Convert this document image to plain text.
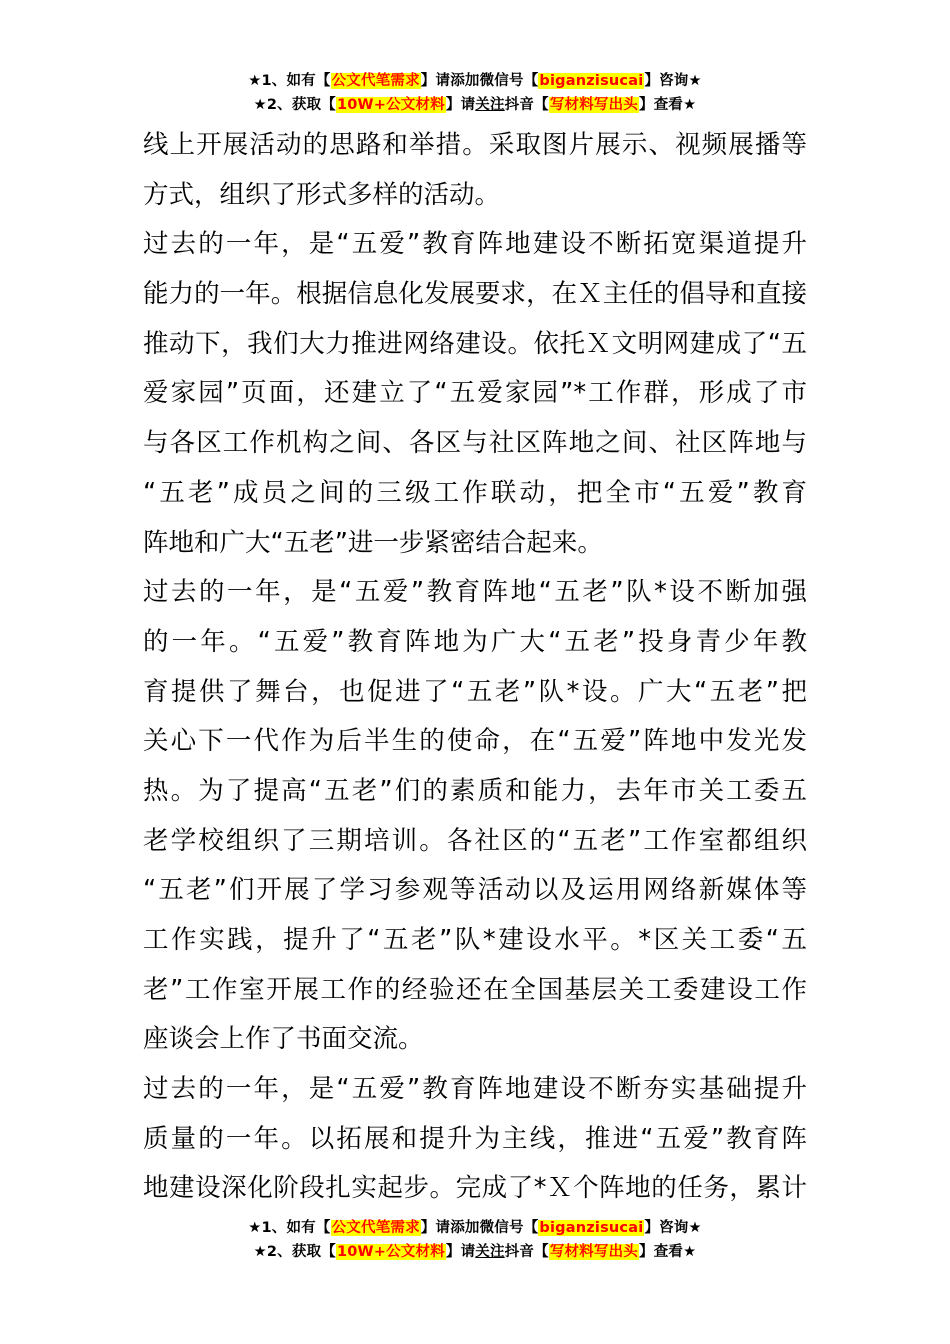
★1、如有【公文代笔需求】请添加微信号【biganzisucai】咨询★
★2、获取【10W+公文材料】请关注抖音【写材料写出头】查看★
线上开展活动的思路和举措。采取图片展示、视频展播等
方式，组织了形式多样的活动。
过去的一年，是“五爱”教育阵地建设不断拓宽渠道提升
能力的一年。根据信息化发展要求，在Ｘ主任的倡导和直接
推动下，我们大力推进网络建设。依托Ｘ文明网建成了“五
爱家园”页面，还建立了“五爱家园”*工作群，形成了市
与各区工作机构之间、各区与社区阵地之间、社区阵地与
“五老”成员之间的三级工作联动，把全市“五爱”教育
阵地和广大“五老”进一步紧密结合起来。
过去的一年，是“五爱”教育阵地“五老”队*设不断加强
的一年。“五爱”教育阵地为广大“五老”投身青少年教
育提供了舞台，也促进了“五老”队*设。广大“五老”把
关心下一代作为后半生的使命，在“五爱”阵地中发光发
热。为了提高“五老”们的素质和能力，去年市关工委五
老学校组织了三期培训。各社区的“五老”工作室都组织
“五老”们开展了学习参观等活动以及运用网络新媒体等
工作实践，提升了“五老”队*建设水平。*区关工委“五
老”工作室开展工作的经验还在全国基层关工委建设工作
座谈会上作了书面交流。
过去的一年，是“五爱”教育阵地建设不断夯实基础提升
质量的一年。以拓展和提升为主线，推进“五爱”教育阵
地建设深化阶段扎实起步。完成了*Ｘ个阵地的任务，累计
★1、如有【公文代笔需求】请添加微信号【biganzisucai】咨询★
★2、获取【10W+公文材料】请关注抖音【写材料写出头】查看★
